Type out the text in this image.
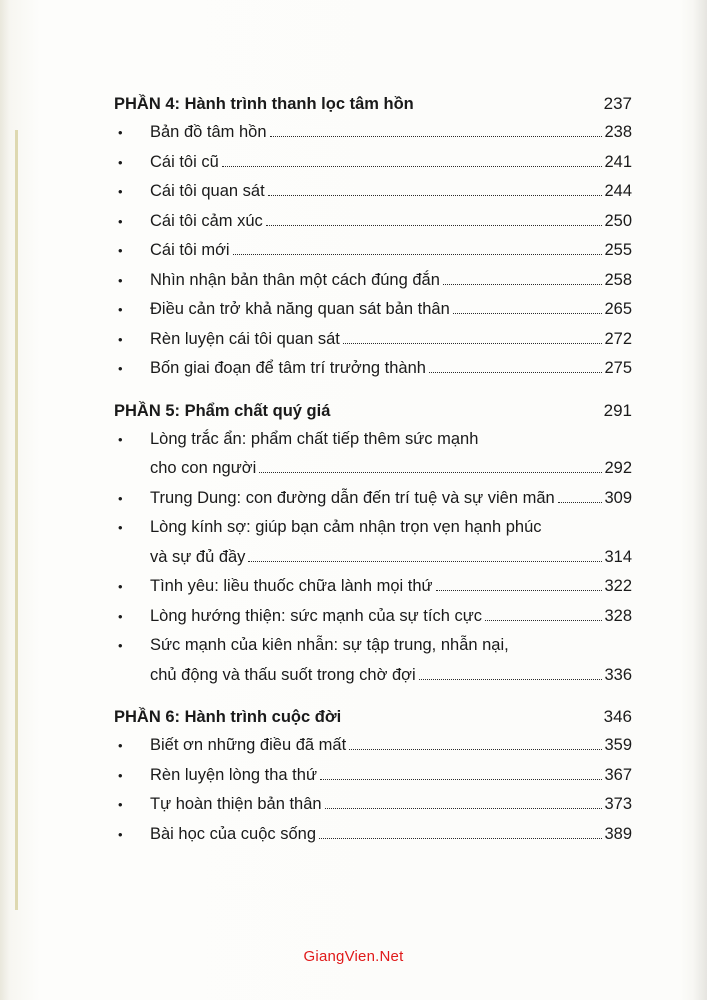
PHẦN 4: Hành trình thanh lọc tâm hồn	237
•	Bản đồ tâm hồn	238
•	Cái tôi cũ	241
•	Cái tôi quan sát	244
•	Cái tôi cảm xúc	250
•	Cái tôi mới	255
•	Nhìn nhận bản thân một cách đúng đắn	258
•	Điều cản trở khả năng quan sát bản thân	265
•	Rèn luyện cái tôi quan sát	272
•	Bốn giai đoạn để tâm trí trưởng thành	275
PHẦN 5: Phẩm chất quý giá	291
•	Lòng trắc ẩn: phẩm chất tiếp thêm sức mạnh
cho con người	292
•	Trung Dung: con đường dẫn đến trí tuệ và sự viên mãn	309
•	Lòng kính sợ: giúp bạn cảm nhận trọn vẹn hạnh phúc
và sự đủ đầy	314
•	Tình yêu: liều thuốc chữa lành mọi thứ	322
•	Lòng hướng thiện: sức mạnh của sự tích cực	328
•	Sức mạnh của kiên nhẫn: sự tập trung, nhẫn nại,
chủ động và thấu suốt trong chờ đợi	336
PHẦN 6: Hành trình cuộc đời	346
•	Biết ơn những điều đã mất	359
•	Rèn luyện lòng tha thứ	367
•	Tự hoàn thiện bản thân	373
•	Bài học của cuộc sống	389
GiangVien.Net
